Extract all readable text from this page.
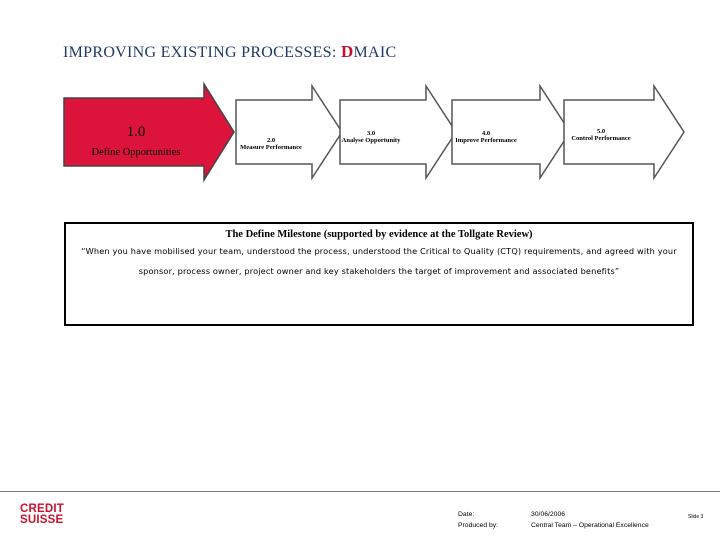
IMPROVING EXISTING PROCESSES: DMAIC
1.0
Define Opportunities
2.0
Measure Performance
3.0
Analyse Opportunity
4.0
Improve Performance
5.0
Control Performance
The Define Milestone (supported by evidence at the Tollgate Review)
“When you have mobilised your team, understood the process, understood the Critical to Quality (CTQ) requirements, and agreed with your sponsor, process owner, project owner and key stakeholders the target of improvement and associated benefits”
CREDIT
SUISSE	Date:
Produced by:
30/06/2006
Central Team – Operational Excellence
Slide 3
